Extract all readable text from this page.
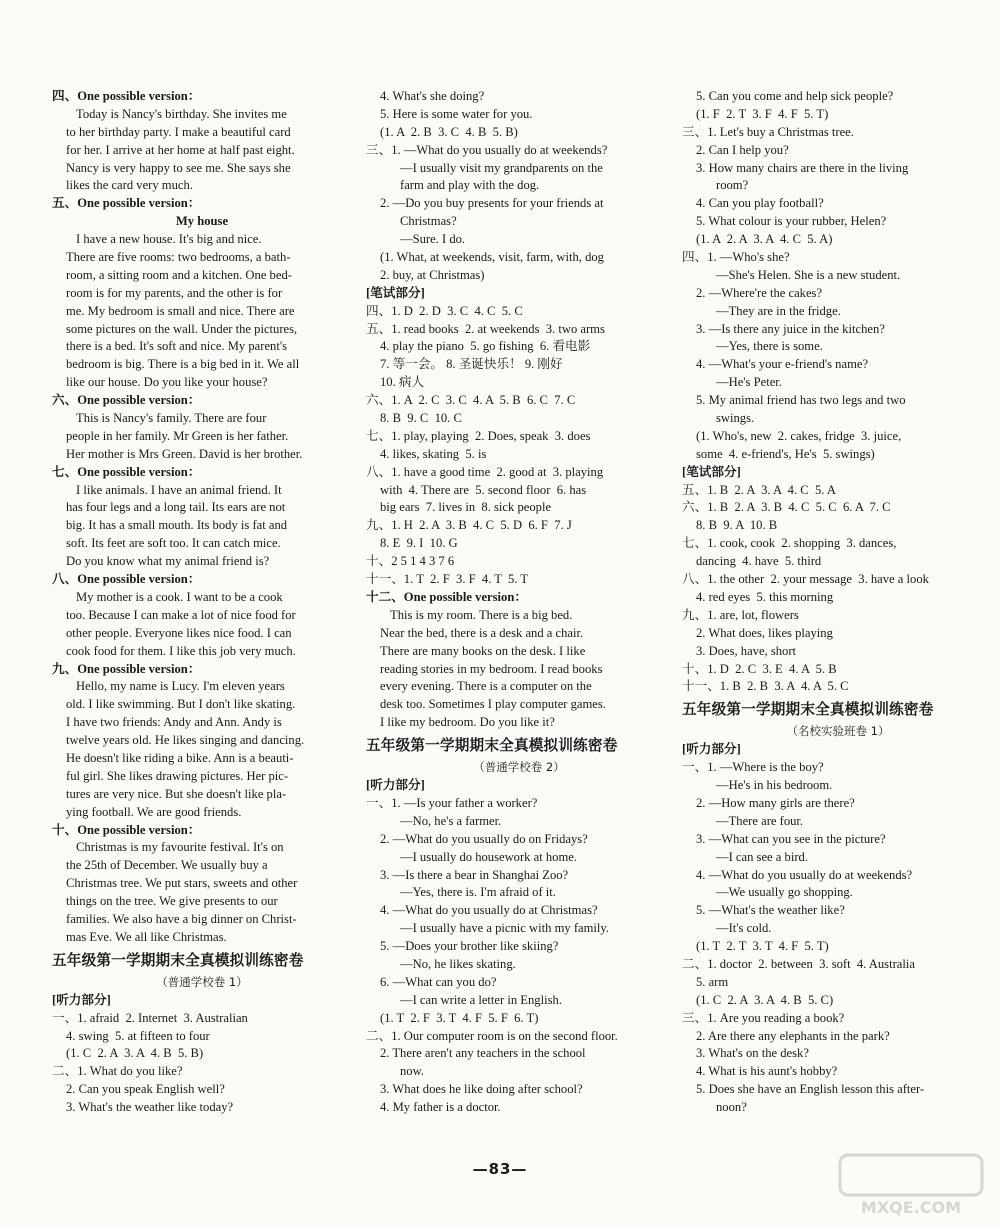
四、One possible version：
Today is Nancy's birthday. She invites me
to her birthday party. I make a beautiful card
for her. I arrive at her home at half past eight.
Nancy is very happy to see me. She says she
likes the card very much.
五、One possible version：
My house
I have a new house. It's big and nice.
There are five rooms: two bedrooms, a bath-
room, a sitting room and a kitchen. One bed-
room is for my parents, and the other is for
me. My bedroom is small and nice. There are
some pictures on the wall. Under the pictures,
there is a bed. It's soft and nice. My parent's
bedroom is big. There is a big bed in it. We all
like our house. Do you like your house?
六、One possible version：
This is Nancy's family. There are four
people in her family. Mr Green is her father.
Her mother is Mrs Green. David is her brother.
七、One possible version：
I like animals. I have an animal friend. It
has four legs and a long tail. Its ears are not
big. It has a small mouth. Its body is fat and
soft. Its feet are soft too. It can catch mice.
Do you know what my animal friend is?
八、One possible version：
My mother is a cook. I want to be a cook
too. Because I can make a lot of nice food for
other people. Everyone likes nice food. I can
cook food for them. I like this job very much.
九、One possible version：
Hello, my name is Lucy. I'm eleven years
old. I like swimming. But I don't like skating.
I have two friends: Andy and Ann. Andy is
twelve years old. He likes singing and dancing.
He doesn't like riding a bike. Ann is a beauti-
ful girl. She likes drawing pictures. Her pic-
tures are very nice. But she doesn't like pla-
ying football. We are good friends.
十、One possible version：
Christmas is my favourite festival. It's on
the 25th of December. We usually buy a
Christmas tree. We put stars, sweets and other
things on the tree. We give presents to our
families. We also have a big dinner on Christ-
mas Eve. We all like Christmas.
五年级第一学期期末全真模拟训练密卷
（普通学校卷 1）
[听力部分]
一、1. afraid  2. Internet  3. Australian
4. swing  5. at fifteen to four
(1. C  2. A  3. A  4. B  5. B)
二、1. What do you like?
2. Can you speak English well?
3. What's the weather like today?
4. What's she doing?
5. Here is some water for you.
(1. A  2. B  3. C  4. B  5. B)
三、1. —What do you usually do at weekends?
—I usually visit my grandparents on the
farm and play with the dog.
2. —Do you buy presents for your friends at
Christmas?
—Sure. I do.
(1. What, at weekends, visit, farm, with, dog
2. buy, at Christmas)
[笔试部分]
四、1. D  2. D  3. C  4. C  5. C
五、1. read books  2. at weekends  3. two arms
4. play the piano  5. go fishing  6. 看电影
7. 等一会。 8. 圣诞快乐！ 9. 刚好
10. 病人
六、1. A  2. C  3. C  4. A  5. B  6. C  7. C
8. B  9. C  10. C
七、1. play, playing  2. Does, speak  3. does
4. likes, skating  5. is
八、1. have a good time  2. good at  3. playing
with  4. There are  5. second floor  6. has
big ears  7. lives in  8. sick people
九、1. H  2. A  3. B  4. C  5. D  6. F  7. J
8. E  9. I  10. G
十、2 5 1 4 3 7 6
十一、1. T  2. F  3. F  4. T  5. T
十二、One possible version：
This is my room. There is a big bed.
Near the bed, there is a desk and a chair.
There are many books on the desk. I like
reading stories in my bedroom. I read books
every evening. There is a computer on the
desk too. Sometimes I play computer games.
I like my bedroom. Do you like it?
五年级第一学期期末全真模拟训练密卷
（普通学校卷 2）
[听力部分]
一、1. —Is your father a worker?
—No, he's a farmer.
2. —What do you usually do on Fridays?
—I usually do housework at home.
3. —Is there a bear in Shanghai Zoo?
—Yes, there is. I'm afraid of it.
4. —What do you usually do at Christmas?
—I usually have a picnic with my family.
5. —Does your brother like skiing?
—No, he likes skating.
6. —What can you do?
—I can write a letter in English.
(1. T  2. F  3. T  4. F  5. F  6. T)
二、1. Our computer room is on the second floor.
2. There aren't any teachers in the school
now.
3. What does he like doing after school?
4. My father is a doctor.
5. Can you come and help sick people?
(1. F  2. T  3. F  4. F  5. T)
三、1. Let's buy a Christmas tree.
2. Can I help you?
3. How many chairs are there in the living
room?
4. Can you play football?
5. What colour is your rubber, Helen?
(1. A  2. A  3. A  4. C  5. A)
四、1. —Who's she?
—She's Helen. She is a new student.
2. —Where're the cakes?
—They are in the fridge.
3. —Is there any juice in the kitchen?
—Yes, there is some.
4. —What's your e-friend's name?
—He's Peter.
5. My animal friend has two legs and two
swings.
(1. Who's, new  2. cakes, fridge  3. juice,
some  4. e-friend's, He's  5. swings)
[笔试部分]
五、1. B  2. A  3. A  4. C  5. A
六、1. B  2. A  3. B  4. C  5. C  6. A  7. C
8. B  9. A  10. B
七、1. cook, cook  2. shopping  3. dances,
dancing  4. have  5. third
八、1. the other  2. your message  3. have a look
4. red eyes  5. this morning
九、1. are, lot, flowers
2. What does, likes playing
3. Does, have, short
十、1. D  2. C  3. E  4. A  5. B
十一、1. B  2. B  3. A  4. A  5. C
五年级第一学期期末全真模拟训练密卷
（名校实验班卷 1）
[听力部分]
一、1. —Where is the boy?
—He's in his bedroom.
2. —How many girls are there?
—There are four.
3. —What can you see in the picture?
—I can see a bird.
4. —What do you usually do at weekends?
—We usually go shopping.
5. —What's the weather like?
—It's cold.
(1. T  2. T  3. T  4. F  5. T)
二、1. doctor  2. between  3. soft  4. Australia
5. arm
(1. C  2. A  3. A  4. B  5. C)
三、1. Are you reading a book?
2. Are there any elephants in the park?
3. What's on the desk?
4. What is his aunt's hobby?
5. Does she have an English lesson this after-
noon?
—83—
MXQE.COM
